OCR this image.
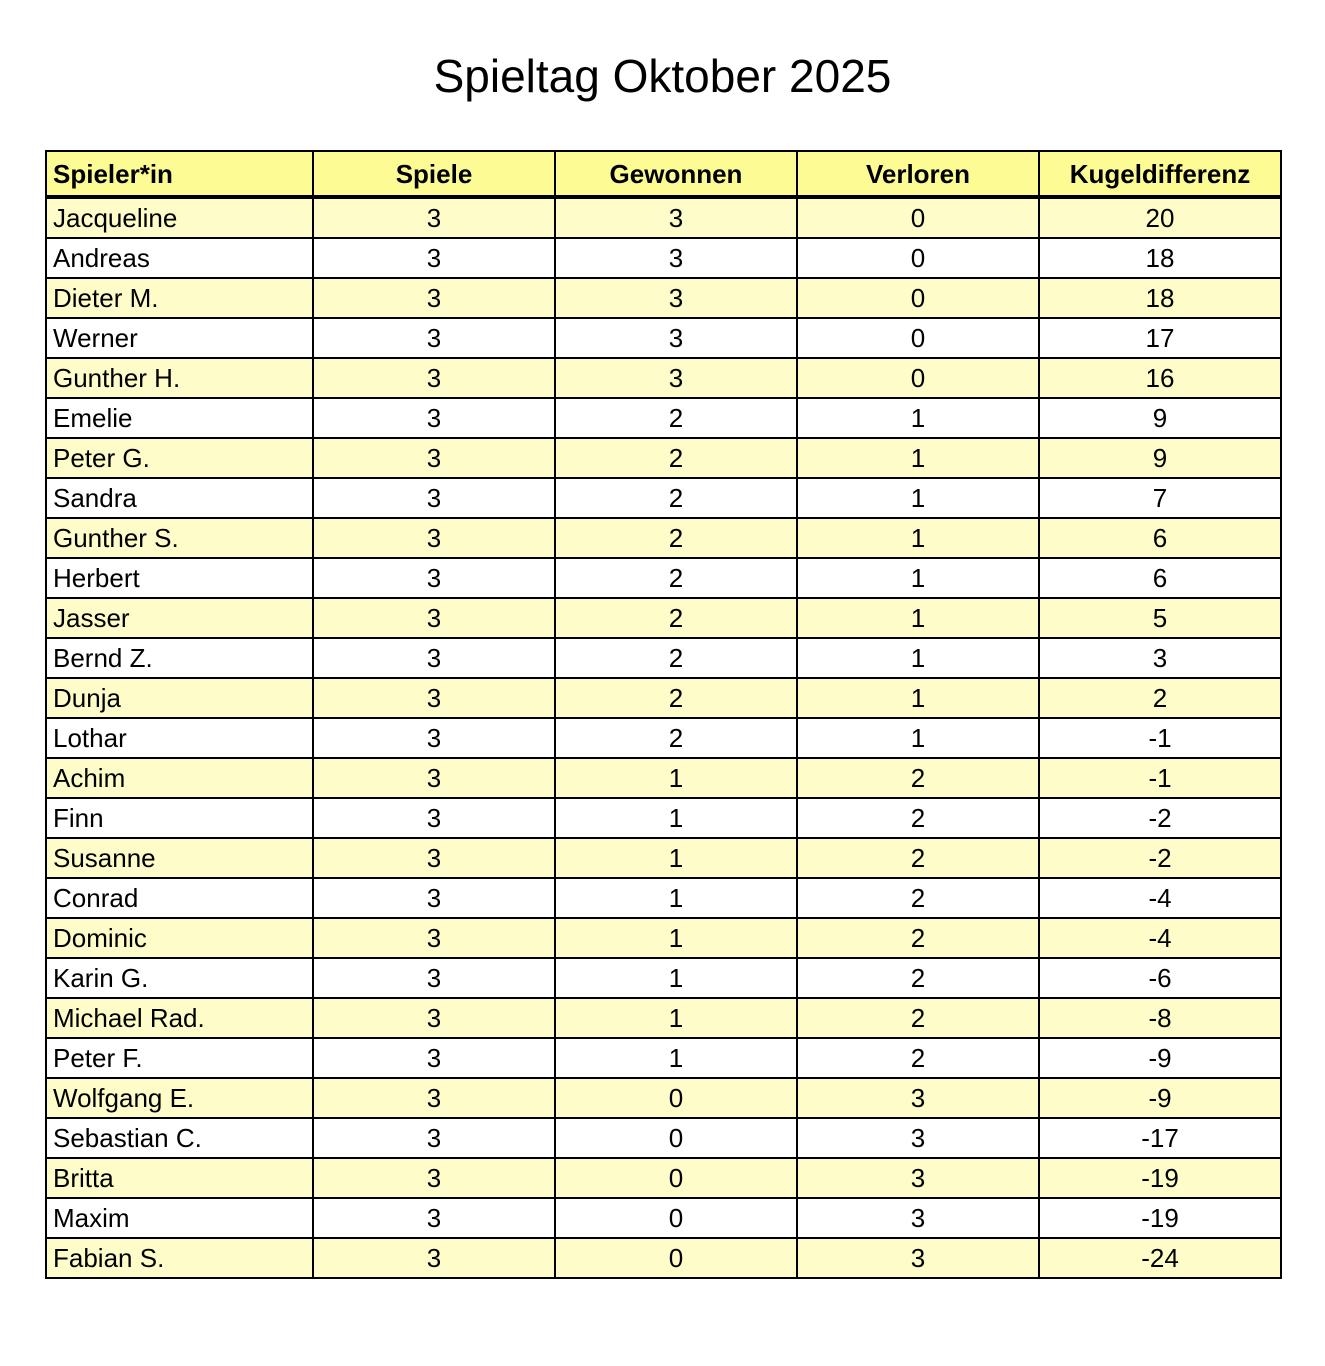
Spieltag Oktober 2025
Spieler*in	Spiele	Gewonnen	Verloren	Kugeldifferenz
Jacqueline	3	3	0	20
Andreas	3	3	0	18
Dieter M.	3	3	0	18
Werner	3	3	0	17
Gunther H.	3	3	0	16
Emelie	3	2	1	9
Peter G.	3	2	1	9
Sandra	3	2	1	7
Gunther S.	3	2	1	6
Herbert	3	2	1	6
Jasser	3	2	1	5
Bernd Z.	3	2	1	3
Dunja	3	2	1	2
Lothar	3	2	1	-1
Achim	3	1	2	-1
Finn	3	1	2	-2
Susanne	3	1	2	-2
Conrad	3	1	2	-4
Dominic	3	1	2	-4
Karin G.	3	1	2	-6
Michael Rad.	3	1	2	-8
Peter F.	3	1	2	-9
Wolfgang E.	3	0	3	-9
Sebastian C.	3	0	3	-17
Britta	3	0	3	-19
Maxim	3	0	3	-19
Fabian S.	3	0	3	-24
